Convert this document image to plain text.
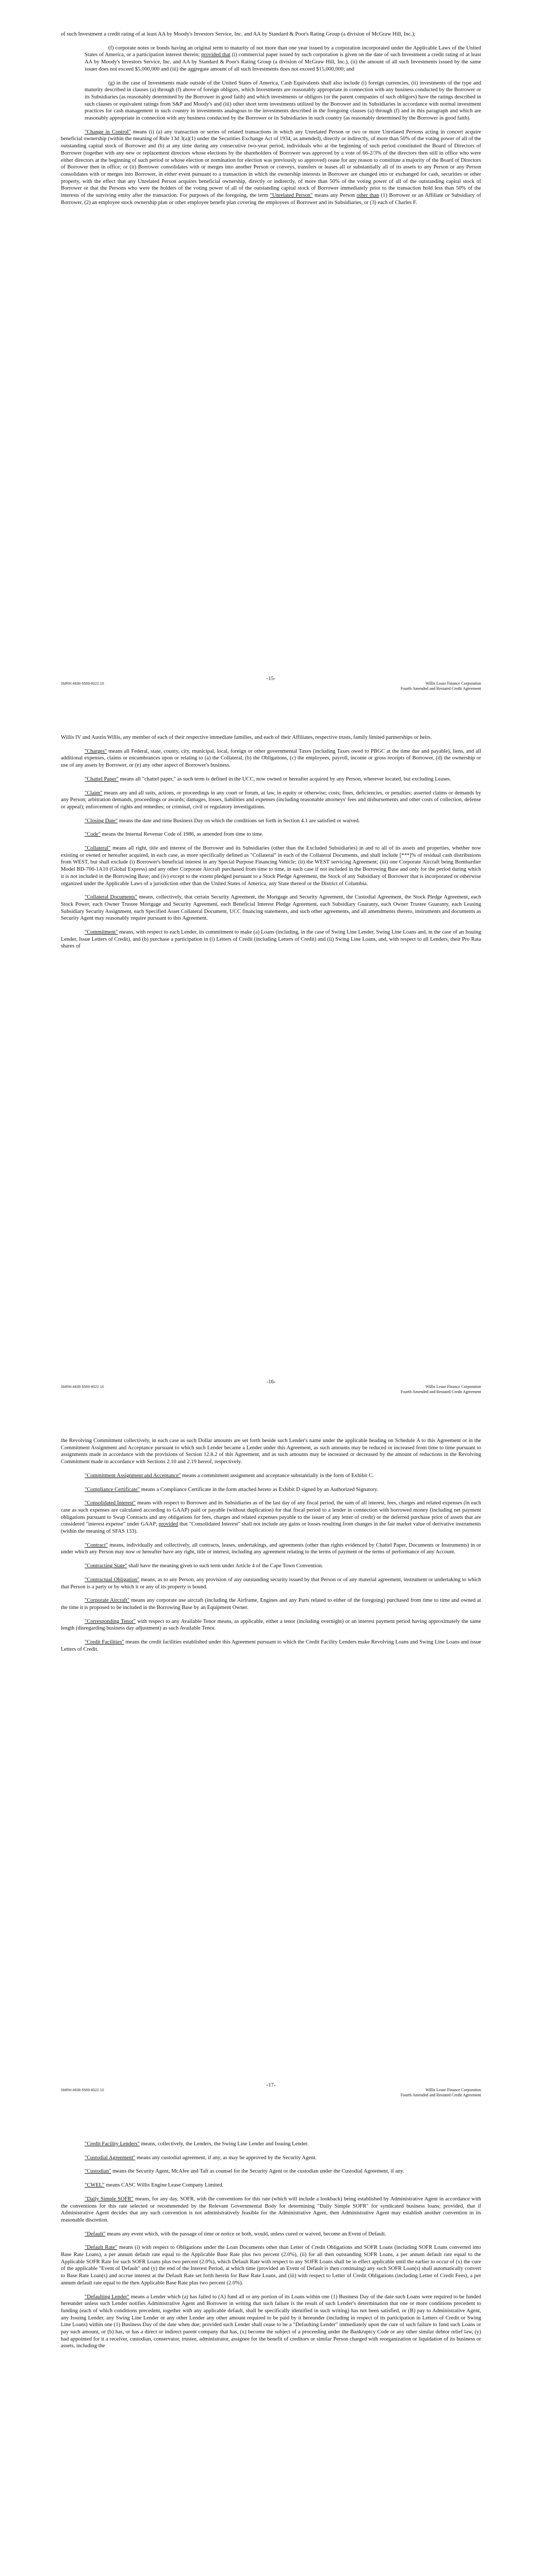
of such Investment a credit rating of at least AA by Moody's Investors Service, Inc. and AA by Standard & Poor's Rating Group (a division of McGraw Hill, Inc.);

(f) corporate notes or bonds having an original term to maturity of not more than one year issued by a corporation incorporated under the Applicable Laws of the United States of America, or a participation interest therein; provided that (i) commercial paper issued by such corporation is given on the date of such Investment a credit rating of at least AA by Moody's Investors Service, Inc. and AA by Standard & Poor's Rating Group (a division of McGraw Hill, Inc.), (ii) the amount of all such Investments issued by the same issuer does not exceed $5,000,000 and (iii) the aggregate amount of all such Investments does not exceed $15,000,000; and

(g) in the case of Investments made outside of the United States of America, Cash Equivalents shall also include (i) foreign currencies, (ii) investments of the type and maturity described in clauses (a) through (f) above of foreign obligors, which Investments are reasonably appropriate in connection with any business conducted by the Borrower or its Subsidiaries (as reasonably determined by the Borrower in good faith) and which investments or obligors (or the parent companies of such obligors) have the ratings described in such clauses or equivalent ratings from S&P and Moody's and (iii) other short term investments utilized by the Borrower and its Subsidiaries in accordance with normal investment practices for cash management in such country in investments analogous to the investments described in the foregoing clauses (a) through (f) and in this paragraph and which are reasonably appropriate in connection with any business conducted by the Borrower or its Subsidiaries in such country (as reasonably determined by the Borrower in good faith).

"Change in Control" means (i) (a) any transaction or series of related transactions in which any Unrelated Person or two or more Unrelated Persons acting in concert acquire beneficial ownership (within the meaning of Rule 13d 3(a)(1) under the Securities Exchange Act of 1934, as amended), directly or indirectly, of more than 50% of the voting power of all of the outstanding capital stock of Borrower and (b) at any time during any consecutive two-year period, individuals who at the beginning of such period constituted the Board of Directors of Borrower (together with any new or replacement directors whose elections by the shareholders of Borrower was approved by a vote of 66-2/3% of the directors then still in office who were either directors at the beginning of such period or whose election or nomination for election was previously so approved) cease for any reason to constitute a majority of the Board of Directors of Borrower then in office; or (ii) Borrower consolidates with or merges into another Person or conveys, transfers or leases all or substantially all of its assets to any Person or any Person consolidates with or merges into Borrower, in either event pursuant to a transaction in which the ownership interests in Borrower are changed into or exchanged for cash, securities or other property, with the effect that any Unrelated Person acquires beneficial ownership, directly or indirectly, of more than 50% of the voting power of all of the outstanding capital stock of Borrower or that the Persons who were the holders of the voting power of all of the outstanding capital stock of Borrower immediately prior to the transaction hold less than 50% of the interests of the surviving entity after the transaction. For purposes of the foregoing, the term "Unrelated Person" means any Person other than (1) Borrower or an Affiliate or Subsidiary of Borrower, (2) an employee stock ownership plan or other employee benefit plan covering the employees of Borrower and its Subsidiaries, or (3) each of Charles F.

SMRH:4838-5569-8022.10
-15-
Willis Lease Finance Corporation
Fourth Amended and Restated Credit Agreement

Willis IV and Austin Willis, any member of each of their respective immediate families, and each of their Affiliates, respective trusts, family limited partnerships or heirs.

"Charges" means all Federal, state, county, city, municipal, local, foreign or other governmental Taxes (including Taxes owed to PBGC at the time due and payable), liens, and all additional expenses, claims or encumbrances upon or relating to (a) the Collateral, (b) the Obligations, (c) the employees, payroll, income or gross receipts of Borrower, (d) the ownership or use of any assets by Borrower, or (e) any other aspect of Borrower's business.

"Chattel Paper" means all "chattel paper," as such term is defined in the UCC, now owned or hereafter acquired by any Person, wherever located, but excluding Leases.

"Claim" means any and all suits, actions, or proceedings in any court or forum, at law, in equity or otherwise; costs; fines, deficiencies, or penalties; asserted claims or demands by any Person; arbitration demands, proceedings or awards; damages, losses, liabilities and expenses (including reasonable attorneys' fees and disbursements and other costs of collection, defense or appeal); enforcement of rights and remedies; or criminal, civil or regulatory investigations.

"Closing Date" means the date and time Business Day on which the conditions set forth in Section 4.1 are satisfied or waived.

"Code" means the Internal Revenue Code of 1986, as amended from time to time.

"Collateral" means all right, title and interest of the Borrower and its Subsidiaries (other than the Excluded Subsidiaries) in and to all of its assets and properties, whether now existing or owned or hereafter acquired, in each case, as more specifically defined as "Collateral" in each of the Collateral Documents, and shall include [***]% of residual cash distributions from WEST, but shall exclude (i) Borrower's beneficial interest in any Special Purpose Financing Vehicle; (ii) the WEST servicing Agreement; (iii) one Corporate Aircraft being Bombardier Model BD-700-1A10 (Global Express) and any other Corporate Aircraft purchased from time to time, in each case if not included in the Borrowing Base and only for the period during which it is not included in the Borrowing Base; and (iv) except to the extent pledged pursuant to a Stock Pledge Agreement, the Stock of any Subsidiary of Borrower that is incorporated or otherwise organized under the Applicable Laws of a jurisdiction other than the United States of America, any State thereof or the District of Columbia.

"Collateral Documents" means, collectively, that certain Security Agreement, the Mortgage and Security Agreement, the Custodial Agreement, the Stock Pledge Agreement, each Stock Power, each Owner Trustee Mortgage and Security Agreement, each Beneficial Interest Pledge Agreement, each Subsidiary Guaranty, each Owner Trustee Guaranty, each Leasing Subsidiary Security Assignment, each Specified Asset Collateral Document, UCC financing statements, and such other agreements, and all amendments thereto, instruments and documents as Security Agent may reasonably require pursuant to this Agreement.

"Commitment" means, with respect to each Lender, its commitment to make (a) Loans (including, in the case of Swing Line Lender, Swing Line Loans and, in the case of an Issuing Lender, Issue Letters of Credit), and (b) purchase a participation in (i) Letters of Credit (including Letters of Credit) and (ii) Swing Line Loans, and, with respect to all Lenders, their Pro Rata shares of

SMRH:4838-5569-8022.10
-16-
Willis Lease Finance Corporation
Fourth Amended and Restated Credit Agreement

the Revolving Commitment collectively, in each case as such Dollar amounts are set forth beside such Lender's name under the applicable heading on Schedule A to this Agreement or in the Commitment Assignment and Acceptance pursuant to which such Lender became a Lender under this Agreement, as such amounts may be reduced or increased from time to time pursuant to assignments made in accordance with the provisions of Section 12.8.2 of this Agreement, and as such amounts may be increased or decreased by the amount of reductions in the Revolving Commitment made in accordance with Sections 2.10 and 2.19 hereof, respectively.

"Commitment Assignment and Acceptance" means a commitment assignment and acceptance substantially in the form of Exhibit C.

"Compliance Certificate" means a Compliance Certificate in the form attached hereto as Exhibit D signed by an Authorized Signatory.

"Consolidated Interest" means with respect to Borrower and its Subsidiaries as of the last day of any fiscal period, the sum of all interest, fees, charges and related expenses (in each case as such expenses are calculated according to GAAP) paid or payable (without duplication) for that fiscal period to a lender in connection with borrowed money (including net payment obligations pursuant to Swap Contracts and any obligations for fees, charges and related expenses payable to the issuer of any letter of credit) or the deferred purchase price of assets that are considered "interest expense" under GAAP; provided that "Consolidated Interest" shall not include any gains or losses resulting from changes in the fair market value of derivative instruments (within the meaning of SFAS 133).

"Contract" means, individually and collectively, all contracts, leases, undertakings, and agreements (other than rights evidenced by Chattel Paper, Documents or Instruments) in or under which any Person may now or hereafter have any right, title or interest, including any agreement relating to the terms of payment or the terms of performance of any Account.

"Contracting State" shall have the meaning given to such term under Article 4 of the Cape Town Convention.

"Contractual Obligation" means, as to any Person, any provision of any outstanding security issued by that Person or of any material agreement, instrument or undertaking to which that Person is a party or by which it or any of its property is bound.

"Corporate Aircraft" means any corporate use aircraft (including the Airframe, Engines and any Parts related to either of the foregoing) purchased from time to time and owned at the time it is proposed to be included in the Borrowing Base by an Equipment Owner.

"Corresponding Tenor" with respect to any Available Tenor means, as applicable, either a tenor (including overnight) or an interest payment period having approximately the same length (disregarding business day adjustment) as such Available Tenor.

"Credit Facilities" means the credit facilities established under this Agreement pursuant to which the Credit Facility Lenders make Revolving Loans and Swing Line Loans and issue Letters of Credit.

SMRH:4838-5569-8022.10
-17-
Willis Lease Finance Corporation
Fourth Amended and Restated Credit Agreement

"Credit Facility Lenders" means, collectively, the Lenders, the Swing Line Lender and Issuing Lender.

"Custodial Agreement" means any custodial agreement, if any, as may be approved by the Security Agent.

"Custodian" means the Security Agent, McAfee and Taft as counsel for the Security Agent or the custodian under the Custodial Agreement, if any.

"CWEL" means CASC Willis Engine Lease Company Limited.

"Daily Simple SOFR" means, for any day, SOFR, with the conventions for this rate (which will include a lookback) being established by Administrative Agent in accordance with the conventions for this rate selected or recommended by the Relevant Governmental Body for determining "Daily Simple SOFR" for syndicated business loans; provided, that if Administrative Agent decides that any such convention is not administratively feasible for the Administrative Agent, then Administrative Agent may establish another convention in its reasonable discretion.

"Default" means any event which, with the passage of time or notice or both, would, unless cured or waived, become an Event of Default.

"Default Rate" means (i) with respect to Obligations under the Loan Documents other than Letter of Credit Obligations and SOFR Loans (including SOFR Loans converted into Base Rate Loans), a per annum default rate equal to the Applicable Base Rate plus two percent (2.0%), (ii) for all then outstanding SOFR Loans, a per annum default rate equal to the Applicable SOFR Rate for such SOFR Loans plus two percent (2.0%), which Default Rate with respect to any SOFR Loans shall be in effect applicable until the earlier to occur of (x) the cure of the applicable "Event of Default" and (y) the end of the Interest Period, at which time (provided an Event of Default is then continuing) any such SOFR Loan(s) shall automatically convert to Base Rate Loan(s) and accrue interest at the Default Rate set forth herein for Base Rate Loans, and (iii) with respect to Letter of Credit Obligations (including Letter of Credit Fees), a per annum default rate equal to the then Applicable Base Rate plus two percent (2.0%).

"Defaulting Lender" means a Lender which (a) has failed to (A) fund all or any portion of its Loans within one (1) Business Day of the date such Loans were required to be funded hereunder unless such Lender notifies Administrative Agent and Borrower in writing that such failure is the result of such Lender's determination that one or more conditions precedent to funding (each of which conditions precedent, together with any applicable default, shall be specifically identified in such writing) has not been satisfied, or (B) pay to Administrative Agent, any Issuing Lender, any Swing Line Lender or any other Lender any other amount required to be paid by it hereunder (including in respect of its participation in Letters of Credit or Swing Line Loans) within one (1) Business Day of the date when due; provided such Lender shall cease to be a "Defaulting Lender" immediately upon the cure of such failure to fund such Loans or pay such amount, or (b) has, or has a direct or indirect parent company that has, (x) become the subject of a proceeding under the Bankruptcy Code or any other similar debtor relief law, (y) had appointed for it a receiver, custodian, conservator, trustee, administrator, assignee for the benefit of creditors or similar Person charged with reorganization or liquidation of its business or assets, including the
